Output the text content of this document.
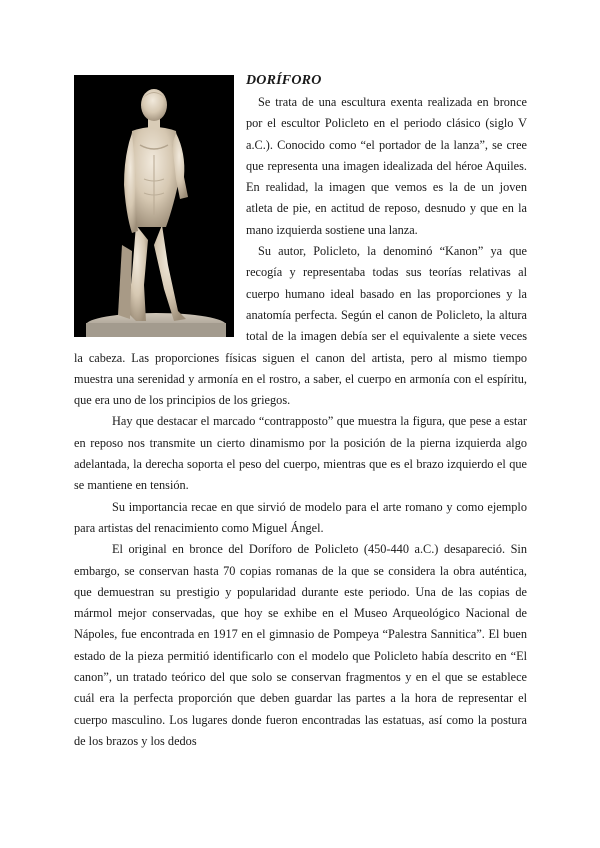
DORÍFORO

Se trata de una escultura exenta realizada en bronce por el escultor Policleto en el periodo clásico (siglo V a.C.). Conocido como “el portador de la lanza”, se cree que representa una imagen idealizada del héroe Aquiles. En realidad, la imagen que vemos es la de un joven atleta de pie, en actitud de reposo, desnudo y que en la mano izquierda sostiene una lanza.

Su autor, Policleto, la denominó “Kanon” ya que recogía y representaba todas sus teorías relativas al cuerpo humano ideal basado en las proporciones y la anatomía perfecta. Según el canon de Policleto, la altura total de la imagen debía ser el equivalente a siete veces la cabeza. Las proporciones físicas siguen el canon del artista, pero al mismo tiempo muestra una serenidad y armonía en el rostro, a saber, el cuerpo en armonía con el espíritu, que era uno de los principios de los griegos.

Hay que destacar el marcado “contrapposto” que muestra la figura, que pese a estar en reposo nos transmite un cierto dinamismo por la posición de la pierna izquierda algo adelantada, la derecha soporta el peso del cuerpo, mientras que es el brazo izquierdo el que se mantiene en tensión.

Su importancia recae en que sirvió de modelo para el arte romano y como ejemplo para artistas del renacimiento como Miguel Ángel.

El original en bronce del Doríforo de Policleto (450-440 a.C.) desapareció. Sin embargo, se conservan hasta 70 copias romanas de la que se considera la obra auténtica, que demuestran su prestigio y popularidad durante este periodo. Una de las copias de mármol mejor conservadas, que hoy se exhibe en el Museo Arqueológico Nacional de Nápoles, fue encontrada en 1917 en el gimnasio de Pompeya “Palestra Sannitica”. El buen estado de la pieza permitió identificarlo con el modelo que Policleto había descrito en “El canon”, un tratado teórico del que solo se conservan fragmentos y en el que se establece cuál era la perfecta proporción que deben guardar las partes a la hora de representar el cuerpo masculino. Los lugares donde fueron encontradas las estatuas, así como la postura de los brazos y los dedos
